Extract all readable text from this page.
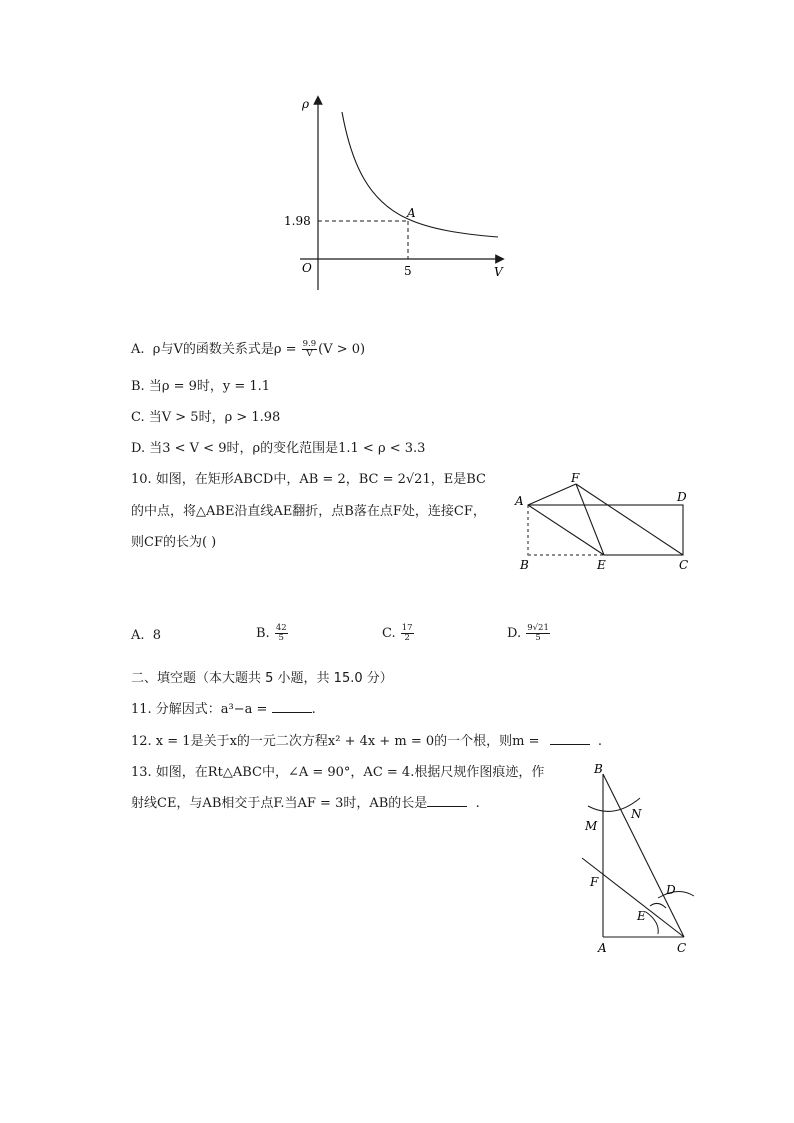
ρ
V
O
1.98
5
A
A. ρ与V的函数关系式是$\rho = \frac{9.9}{V} (V > 0)$
B. 当ρ = 9时，y = 1.1
C. 当V > 5时，ρ > 1.98
D. 当3 < V < 9时，ρ的变化范围是1.1 < ρ < 3.3
10. 如图，在矩形ABCD中，AB = 2，BC = 2√21，E是BC
的中点，将△ABE沿直线AE翻折，点B落在点F处，连接CF，
则CF的长为( )
A
B	E	C
D
F
A. 8	B. $\frac{42}{5}$	C. $\frac{17}{2}$	D. $\frac{9√21}{5}$
二、填空题（本大题共 5 小题，共 15.0 分）
11. 分解因式：a³−a =	.
12. x = 1是关于x的一元二次方程x² + 4x + m = 0的一个根，则m =	.
13. 如图，在Rt△ABC中，∠A = 90°，AC = 4.根据尺规作图痕迹，作
射线CE，与AB相交于点F.当AF = 3时，AB的长是	.
B
M
N
F
D
E
A	C
